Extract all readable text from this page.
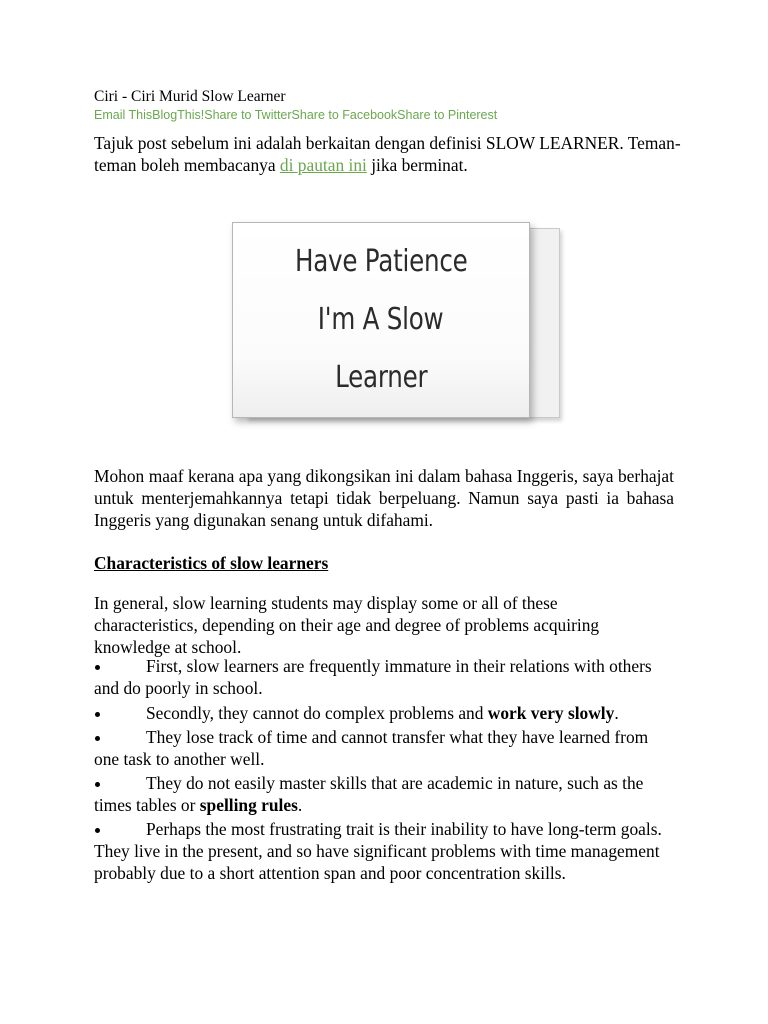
Ciri - Ciri Murid Slow Learner
Email ThisBlogThis!Share to TwitterShare to FacebookShare to Pinterest

Tajuk post sebelum ini adalah berkaitan dengan definisi SLOW LEARNER. Teman-teman boleh membacanya di pautan ini jika berminat.

Have Patience
I'm A Slow
Learner

Mohon maaf kerana apa yang dikongsikan ini dalam bahasa Inggeris, saya berhajat untuk menterjemahkannya tetapi tidak berpeluang. Namun saya pasti ia bahasa Inggeris yang digunakan senang untuk difahami.

Characteristics of slow learners

In general, slow learning students may display some or all of these characteristics, depending on their age and degree of problems acquiring knowledge at school.

First, slow learners are frequently immature in their relations with others and do poorly in school.
Secondly, they cannot do complex problems and work very slowly.
They lose track of time and cannot transfer what they have learned from one task to another well.
They do not easily master skills that are academic in nature, such as the times tables or spelling rules.
Perhaps the most frustrating trait is their inability to have long-term goals. They live in the present, and so have significant problems with time management probably due to a short attention span and poor concentration skills.
